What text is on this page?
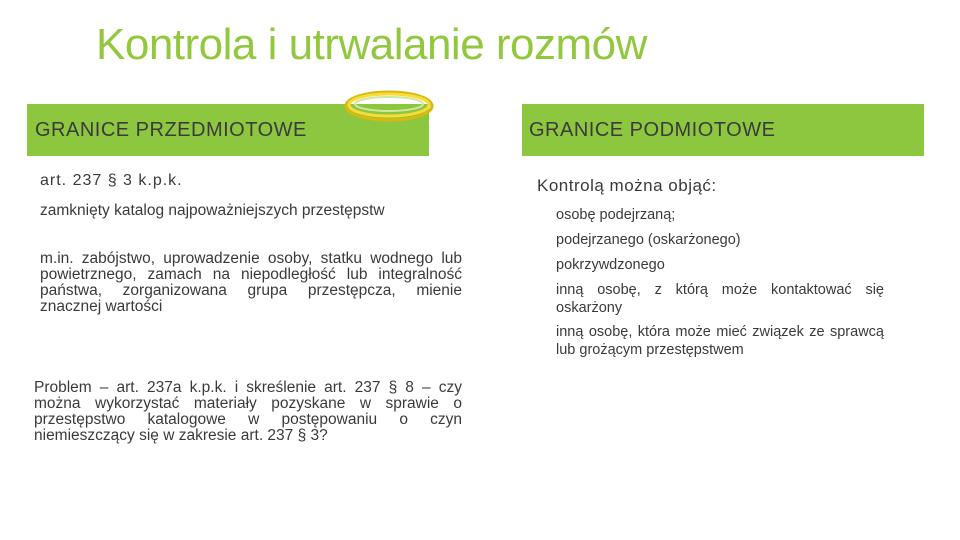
Kontrola i utrwalanie rozmów
GRANICE PRZEDMIOTOWE
art. 237 § 3 k.p.k.
zamknięty katalog najpoważniejszych przestępstw
m.in. zabójstwo, uprowadzenie osoby, statku wodnego lub powietrznego, zamach na niepodległość lub integralność państwa, zorganizowana grupa przestępcza, mienie znacznej wartości
Problem – art. 237a k.p.k. i skreślenie art. 237 § 8 – czy można wykorzystać materiały pozyskane w sprawie o przestępstwo katalogowe w postępowaniu o czyn niemieszczący się w zakresie art. 237 § 3?
GRANICE PODMIOTOWE
Kontrolą można objąć:
osobę podejrzaną;
podejrzanego (oskarżonego)
pokrzywdzonego
inną osobę, z którą może kontaktować się oskarżony
inną osobę, która może mieć związek ze sprawcą lub grożącym przestępstwem
